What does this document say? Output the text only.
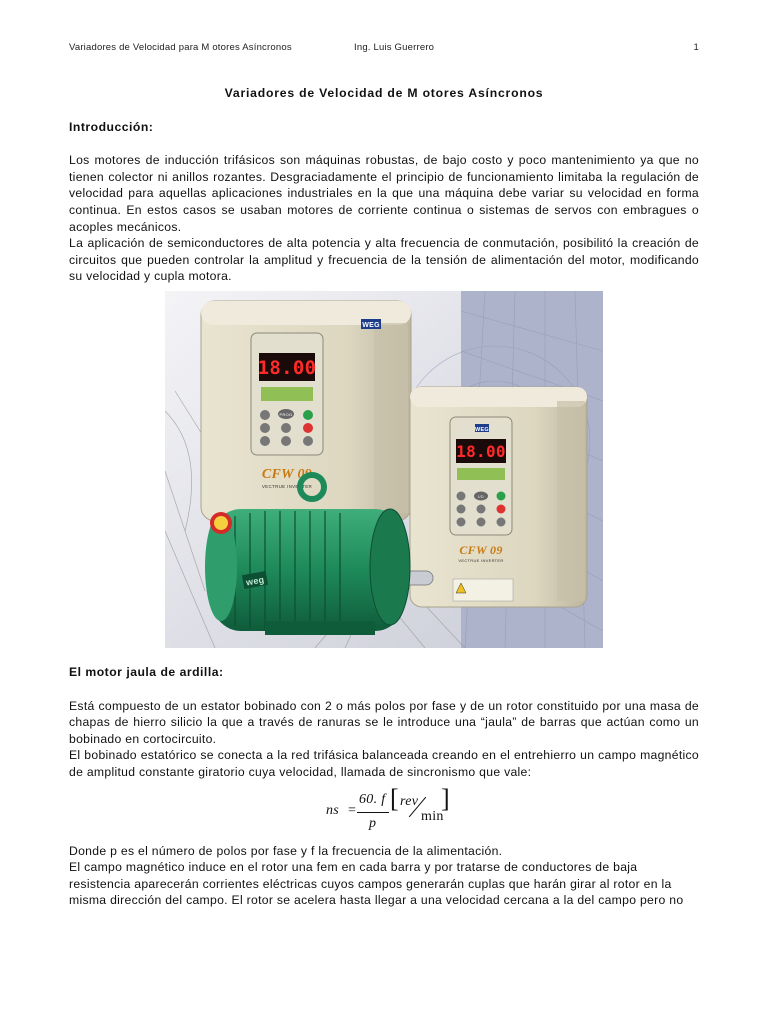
Variadores de Velocidad para M otores Asíncronos	Ing. Luis Guerrero	1
Variadores de Velocidad de M otores Asíncronos
Introducción:

Los motores de inducción trifásicos son máquinas robustas, de bajo costo y poco mantenimiento ya que no tienen colector ni anillos rozantes. Desgraciadamente el principio de funcionamiento limitaba la regulación de velocidad para aquellas aplicaciones industriales en la que una máquina debe variar su velocidad en forma continua. En estos casos se usaban motores de corriente continua o sistemas de servos con embragues o acoples mecánicos.

La aplicación de semiconductores de alta potencia y alta frecuencia de conmutación, posibilitó la creación de circuitos que pueden controlar la amplitud y frecuencia de la tensión de alimentación del motor, modificando su velocidad y cupla motora.

WEG
18.00
PROG
CFW 09
VECTRUE INVERTER
WEG
18.00
I/O
CFW 09
VECTRUE INVERTER
weg
El motor jaula de ardilla:

Está compuesto de un estator bobinado con 2 o más polos por fase y de un rotor constituido por una masa de chapas de hierro silicio la que a través de ranuras se le introduce una “jaula” de barras que actúan como un bobinado en cortocircuito.

El bobinado estatórico se conecta a la red trifásica balanceada creando en el entrehierro un campo magnético de amplitud constante giratorio cuya velocidad, llamada de sincronismo que vale:

ns =
60. f
p
[ rev
min
]

Donde p es el número de polos por fase y f la frecuencia de la alimentación.

El campo magnético induce en el rotor una fem en cada barra y por tratarse de conductores de baja resistencia aparecerán corrientes eléctricas cuyos campos generarán cuplas que harán girar al rotor en la misma dirección del campo. El rotor se acelera hasta llegar a una velocidad cercana a la del campo pero no
